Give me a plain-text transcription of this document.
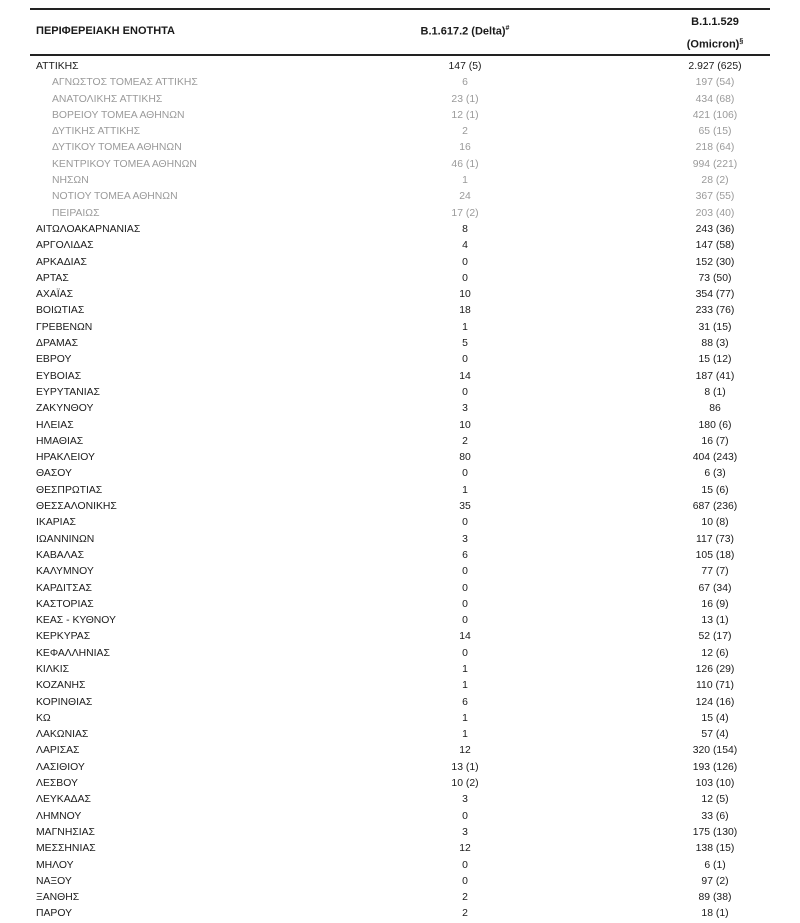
ΠΕΡΙΦΕΡΕΙΑΚΗ ΕΝΟΤΗΤΑ	B.1.617.2 (Delta)#
B.1.1.529
(Omicron)§
ΑΤΤΙΚΗΣ	147 (5)	2.927 (625)
ΑΓΝΩΣΤΟΣ ΤΟΜΕΑΣ ΑΤΤΙΚΗΣ	6	197 (54)
ΑΝΑΤΟΛΙΚΗΣ ΑΤΤΙΚΗΣ	23 (1)	434 (68)
ΒΟΡΕΙΟΥ ΤΟΜΕΑ ΑΘΗΝΩΝ	12 (1)	421 (106)
ΔΥΤΙΚΗΣ ΑΤΤΙΚΗΣ	2	65 (15)
ΔΥΤΙΚΟΥ ΤΟΜΕΑ ΑΘΗΝΩΝ	16	218 (64)
ΚΕΝΤΡΙΚΟΥ ΤΟΜΕΑ ΑΘΗΝΩΝ	46 (1)	994 (221)
ΝΗΣΩΝ	1	28 (2)
ΝΟΤΙΟΥ ΤΟΜΕΑ ΑΘΗΝΩΝ	24	367 (55)
ΠΕΙΡΑΙΩΣ	17 (2)	203 (40)
ΑΙΤΩΛΟΑΚΑΡΝΑΝΙΑΣ	8	243 (36)
ΑΡΓΟΛΙΔΑΣ	4	147 (58)
ΑΡΚΑΔΙΑΣ	0	152 (30)
ΑΡΤΑΣ	0	73 (50)
ΑΧΑΪΑΣ	10	354 (77)
ΒΟΙΩΤΙΑΣ	18	233 (76)
ΓΡΕΒΕΝΩΝ	1	31 (15)
ΔΡΑΜΑΣ	5	88 (3)
ΕΒΡΟΥ	0	15 (12)
ΕΥΒΟΙΑΣ	14	187 (41)
ΕΥΡΥΤΑΝΙΑΣ	0	8 (1)
ΖΑΚΥΝΘΟΥ	3	86
ΗΛΕΙΑΣ	10	180 (6)
ΗΜΑΘΙΑΣ	2	16 (7)
ΗΡΑΚΛΕΙΟΥ	80	404 (243)
ΘΑΣΟΥ	0	6 (3)
ΘΕΣΠΡΩΤΙΑΣ	1	15 (6)
ΘΕΣΣΑΛΟΝΙΚΗΣ	35	687 (236)
ΙΚΑΡΙΑΣ	0	10 (8)
ΙΩΑΝΝΙΝΩΝ	3	117 (73)
ΚΑΒΑΛΑΣ	6	105 (18)
ΚΑΛΥΜΝΟΥ	0	77 (7)
ΚΑΡΔΙΤΣΑΣ	0	67 (34)
ΚΑΣΤΟΡΙΑΣ	0	16 (9)
ΚΕΑΣ - ΚΥΘΝΟΥ	0	13 (1)
ΚΕΡΚΥΡΑΣ	14	52 (17)
ΚΕΦΑΛΛΗΝΙΑΣ	0	12 (6)
ΚΙΛΚΙΣ	1	126 (29)
ΚΟΖΑΝΗΣ	1	110 (71)
ΚΟΡΙΝΘΙΑΣ	6	124 (16)
ΚΩ	1	15 (4)
ΛΑΚΩΝΙΑΣ	1	57 (4)
ΛΑΡΙΣΑΣ	12	320 (154)
ΛΑΣΙΘΙΟΥ	13 (1)	193 (126)
ΛΕΣΒΟΥ	10 (2)	103 (10)
ΛΕΥΚΑΔΑΣ	3	12 (5)
ΛΗΜΝΟΥ	0	33 (6)
ΜΑΓΝΗΣΙΑΣ	3	175 (130)
ΜΕΣΣΗΝΙΑΣ	12	138 (15)
ΜΗΛΟΥ	0	6 (1)
ΝΑΞΟΥ	0	97 (2)
ΞΑΝΘΗΣ	2	89 (38)
ΠΑΡΟΥ	2	18 (1)
